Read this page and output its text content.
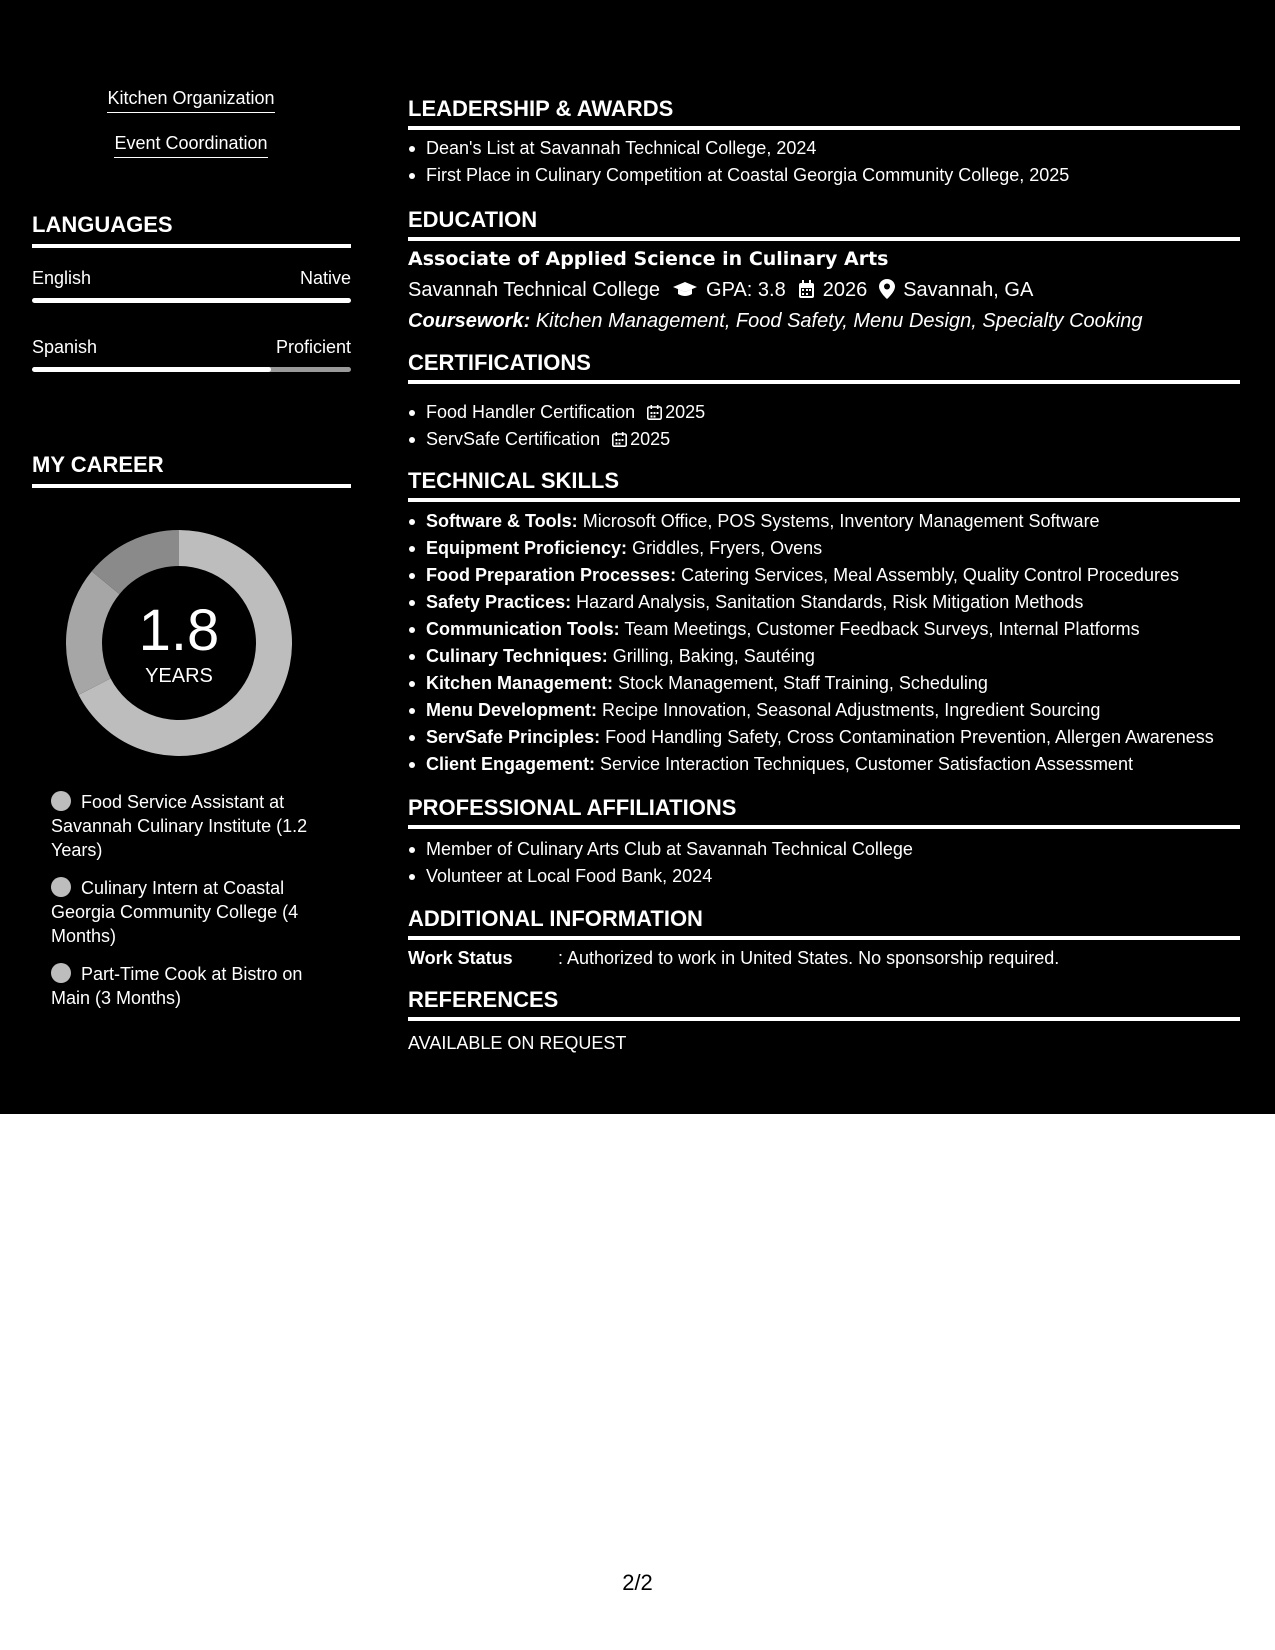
Kitchen Organization
Event Coordination
LANGUAGES
English	Native
Spanish	Proficient
MY CAREER
1.8
YEARS
Food Service Assistant at Savannah Culinary Institute (1.2 Years)
Culinary Intern at Coastal Georgia Community College (4 Months)
Part-Time Cook at Bistro on Main (3 Months)
LEADERSHIP & AWARDS
Dean's List at Savannah Technical College, 2024
First Place in Culinary Competition at Coastal Georgia Community College, 2025
EDUCATION
Associate of Applied Science in Culinary Arts
Savannah Technical College GPA: 3.8 2026 Savannah, GA
Coursework: Kitchen Management, Food Safety, Menu Design, Specialty Cooking
CERTIFICATIONS
Food Handler Certification 2025
ServSafe Certification 2025
TECHNICAL SKILLS
Software & Tools: Microsoft Office, POS Systems, Inventory Management Software
Equipment Proficiency: Griddles, Fryers, Ovens
Food Preparation Processes: Catering Services, Meal Assembly, Quality Control Procedures
Safety Practices: Hazard Analysis, Sanitation Standards, Risk Mitigation Methods
Communication Tools: Team Meetings, Customer Feedback Surveys, Internal Platforms
Culinary Techniques: Grilling, Baking, Sautéing
Kitchen Management: Stock Management, Staff Training, Scheduling
Menu Development: Recipe Innovation, Seasonal Adjustments, Ingredient Sourcing
ServSafe Principles: Food Handling Safety, Cross Contamination Prevention, Allergen Awareness
Client Engagement: Service Interaction Techniques, Customer Satisfaction Assessment
PROFESSIONAL AFFILIATIONS
Member of Culinary Arts Club at Savannah Technical College
Volunteer at Local Food Bank, 2024
ADDITIONAL INFORMATION
Work Status	: Authorized to work in United States. No sponsorship required.
REFERENCES
AVAILABLE ON REQUEST
2/2
